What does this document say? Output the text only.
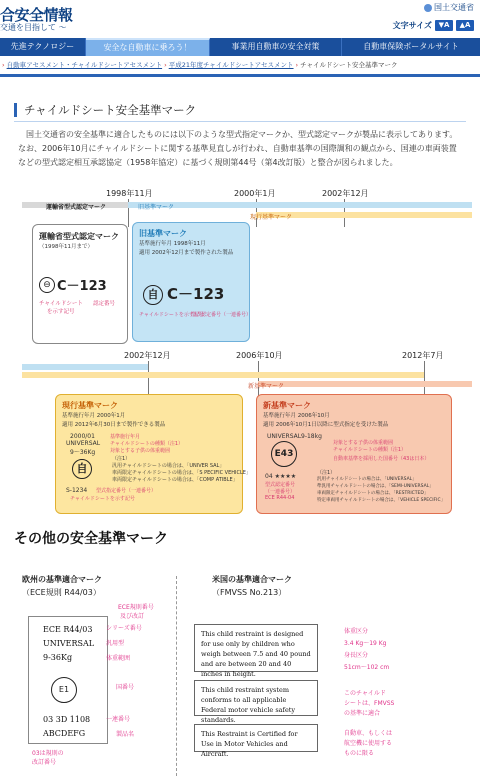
合安全情報
交通を目指して ～
国土交通省
文字サイズ ▼A	▲A
先進テクノロジー	安全な自動車に乗ろう！	事業用自動車の安全対策	自動車保険ポータルサイト
› 自動車アセスメント・チャイルドシートアセスメント › 平成21年度チャイルドシートアセスメント › チャイルドシート安全基準マーク
チャイルドシート安全基準マーク
国土交通省の安全基準に適合したものには以下のような型式指定マークか、型式認定マークが製品に表示してあります。なお、2006年10月にチャイルドシートに関する基準見直しが行われ、自動車基準の国際調和の観点から、国連の車両装置などの型式認定相互承認協定（1958年協定）に基づく規則第44号（第4改訂版）と整合が図られました。
1998年11月	2000年1月	2002年12月
運輸省型式認定マーク	旧基準マーク
現行基準マーク
運輸省型式認定マーク
（1998年11月まで）
⊖ C－123
チャイルドシート 認定番号
を示す記号
旧基準マーク
基準施行年月 1998年11月
適用 2002年12月まで製作された製品
自 C－123
チャイルドシートを示す記号
型式認定番号（一連番号）
2002年12月	2006年10月	2012年7月
新基準マーク
現行基準マーク
基準施行年月 2000年1月
適用 2012年6月30日まで製作できる製品
2000/01
UNIVERSAL
9～36Kg
基準施行年月
チャイルドシートの種類（注1）
対象とする子供の体重範囲
（注1）
汎用チャイルドシートの場合は、「UNIVER SAL」
車両限定チャイルドシートの場合は、「S PECIFIC VEHICLE」
車両限定チャイルドシートの場合は、「COMP ATIBLE」
自
S-1234 型式指定番号（一連番号）
チャイルドシートを示す記号
新基準マーク
基準施行年月 2006年10月
適用 2006年10月1日以降に型式指定を受けた製品
UNIVERSAL 9-18kg
対象とする子供の体重範囲
チャイルドシートの種類（注1）
自動車基準を採用した国番号（43は日本）
E43
04 ★★★★
型式認定番号
（一連番号）
ECE R44-04
（注1）
汎用チャイルドシートの場合は、「UNIVERSAL」
準汎用チャイルドシートの場合は、「SEMI-UNIVERSAL」
車両限定チャイルドシートの場合は、「RESTRICTED」
特定車両用チャイルドシートの場合は、「VEHICLE SPECIFIC」
その他の安全基準マーク
欧州の基準適合マーク
（ECE規則 R44/03）
ECE R44/03
UNIVERSAL
9-36Kg
E1
03 3D 1108
ABCDEFG
ECE規則番号
及び改訂
シリーズ番号
汎用型
体重範囲
国番号
一連番号
製品名
03は規則の
改訂番号
米国の基準適合マーク
（FMVSS No.213）
This child restraint is designed for use only by children who weigh between 7.5 and 40 pound and are between 20 and 40 inches in height.
This child restraint system conforms to all applicable Federal motor vehicle safety standards.
This Restraint is Certified for Use in Motor Vehicles and Aircraft.
体重区分
3.4 Kg～19 Kg
身長区分
51cm～102 cm
このチャイルド
シートは、FMVSS
の基準に適合
自動車、もしくは
航空機に使用する
ものに限る
